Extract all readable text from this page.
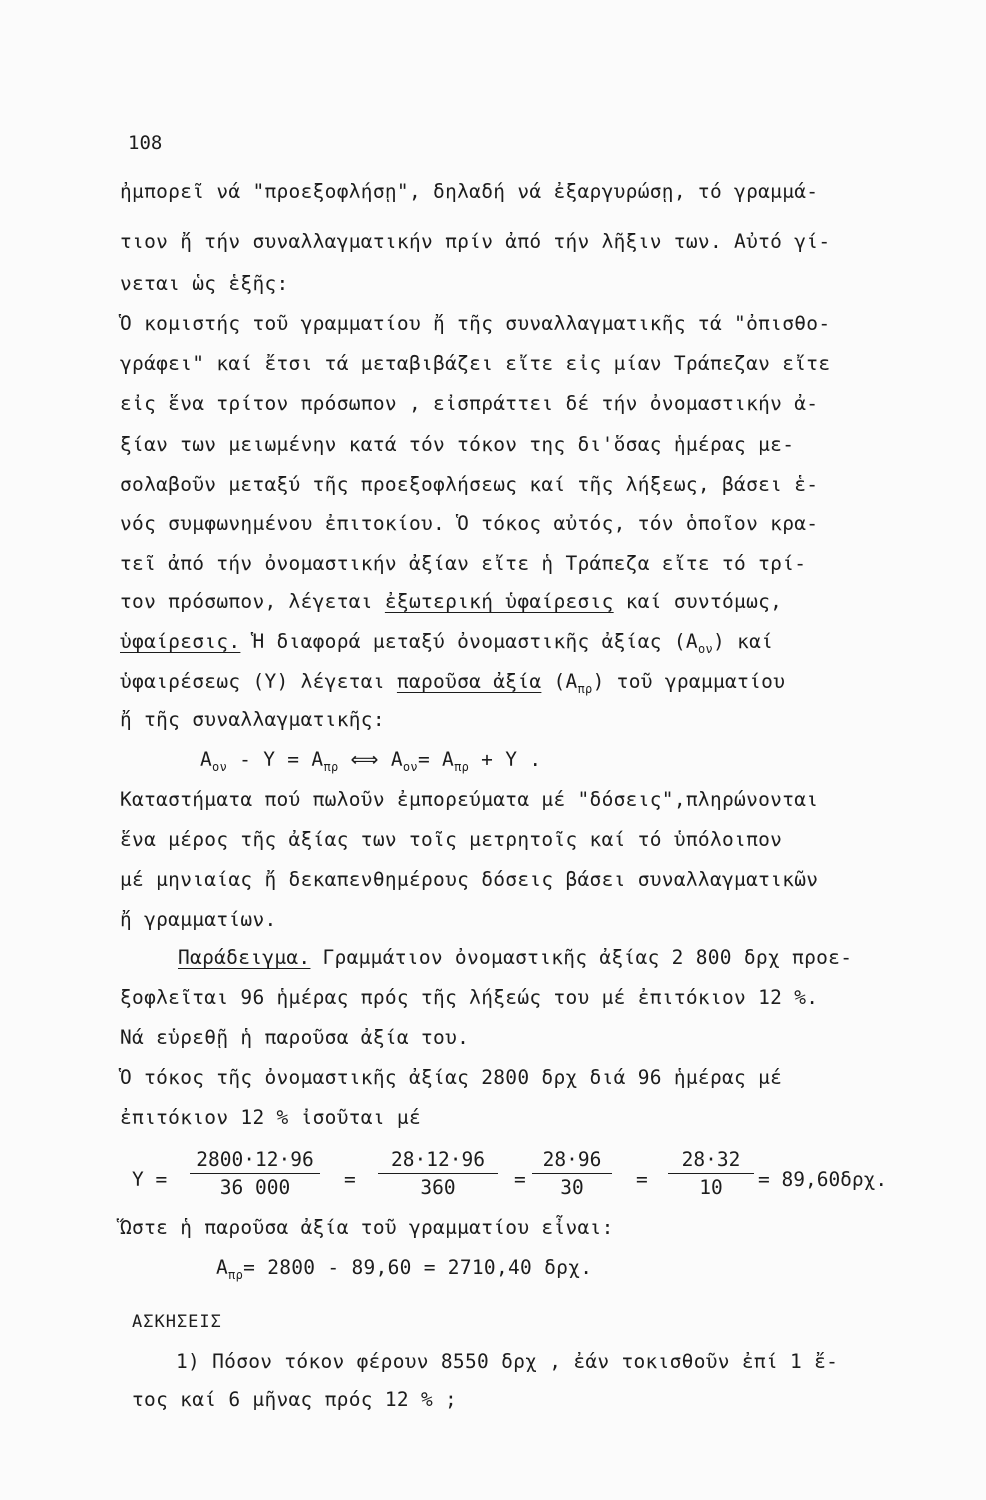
108
ἠμπορεῖ νά "προεξοφλήσῃ", δηλαδή νά ἐξαργυρώσῃ, τό γραμμά-
τιον ἤ τήν συναλλαγματικήν πρίν ἀπό τήν λῆξιν των. Αὐτό γί-
νεται ὡς ἑξῆς:
Ὁ κομιστής τοῦ γραμματίου ἤ τῆς συναλλαγματικῆς τά "ὀπισθο-
γράφει" καί ἔτσι τά μεταβιβάζει εἴτε εἰς μίαν Τράπεζαν εἴτε
εἰς ἕνα τρίτον πρόσωπον , εἰσπράττει δέ τήν ὀνομαστικήν ἀ-
ξίαν των μειωμένην κατά τόν τόκον της δι'ὅσας ἡμέρας με-
σολαβοῦν μεταξύ τῆς προεξοφλήσεως καί τῆς λήξεως, βάσει ἑ-
νός συμφωνημένου ἐπιτοκίου. Ὁ τόκος αὐτός, τόν ὁποῖον κρα-
τεῖ ἀπό τήν ὀνομαστικήν ἀξίαν εἴτε ἡ Τράπεζα εἴτε τό τρί-
τον πρόσωπον, λέγεται ἐξωτερική ὑφαίρεσις καί συντόμως,
ὑφαίρεσις. Ἡ διαφορά μεταξύ ὀνομαστικῆς ἀξίας $(A_{o\nu})$ καί
ὑφαιρέσεως (Υ) λέγεται παροῦσα ἀξία $(A_{\pi\rho})$ τοῦ γραμματίου
ἤ τῆς συναλλαγματικῆς:
$A_{o\nu} - \Upsilon = A_{\pi\rho}$ ⟺ $A_{o\nu}= A_{\pi\rho} + \Upsilon$ .
Καταστήματα πού πωλοῦν ἐμπορεύματα μέ "δόσεις",πληρώνονται
ἕνα μέρος τῆς ἀξίας των τοῖς μετρητοῖς καί τό ὑπόλοιπον
μέ μηνιαίας ἤ δεκαπενθημέρους δόσεις βάσει συναλλαγματικῶν
ἤ γραμματίων.
Παράδειγμα. Γραμμάτιον ὀνομαστικῆς ἀξίας 2 800 δρχ προε-
ξοφλεῖται 96 ἡμέρας πρός τῆς λήξεώς του μέ ἐπιτόκιον 12 %.
Νά εὑρεθῇ ἡ παροῦσα ἀξία του.
Ὁ τόκος τῆς ὀνομαστικῆς ἀξίας 2800 δρχ διά 96 ἡμέρας μέ
ἐπιτόκιον 12 % ἰσοῦται μέ
$\Upsilon = \frac{2800\cdot 12\cdot 96}{36 000} = \frac{28\cdot 12\cdot 96}{360} = \frac{28\cdot 96}{30} = \frac{28\cdot 32}{10} = 89,60\delta\rho\chi$.
Ὥστε ἡ παροῦσα ἀξία τοῦ γραμματίου εἶναι:
$A_{\pi\rho}= 2800 - 89,60 = 2710,40$ δρχ.
ΑΣΚΗΣΕΙΣ
1) Πόσον τόκον φέρουν 8550 δρχ , ἐάν τοκισθοῦν ἐπί 1 ἔ-
τος καί 6 μῆνας πρός 12 % ;
